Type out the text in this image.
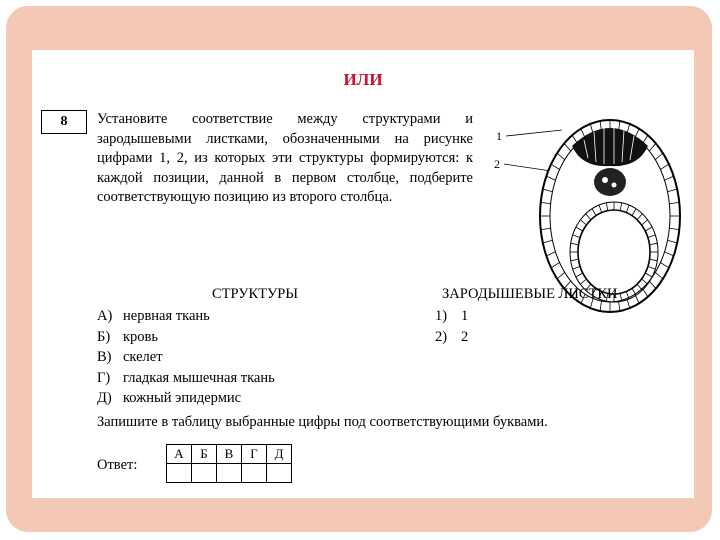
ИЛИ
8	Установите соответствие между структурами и зародышевыми листками, обозначенными на рисунке цифрами 1, 2, из которых эти структуры формируются: к каждой позиции, данной в первом столбце, подберите соответствующую позицию из второго столбца.
1
2
СТРУКТУРЫ	ЗАРОДЫШЕВЫЕ ЛИСТКИ
А) нервная ткань
Б) кровь
В) скелет
Г) гладкая мышечная ткань
Д) кожный эпидермис
1) 1
2) 2
Запишите в таблицу выбранные цифры под соответствующими буквами.
Ответ:
А	Б	В	Г	Д
